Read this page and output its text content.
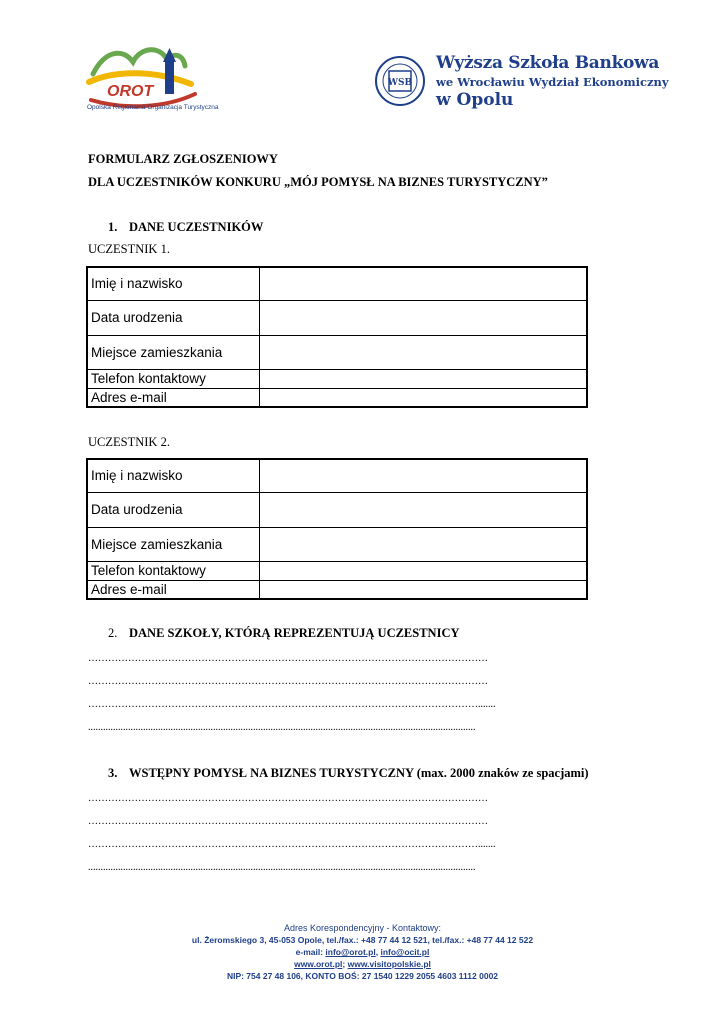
OROT
Opolska Regionalna Organizacja Turystyczna
WSB
Wyższa Szkoła Bankowa
we Wrocławiu Wydział Ekonomiczny
w Opolu
FORMULARZ ZGŁOSZENIOWY
DLA UCZESTNIKÓW KONKURU „MÓJ POMYSŁ NA BIZNES TURYSTYCZNY”
1. DANE UCZESTNIKÓW
UCZESTNIK 1.
Imię i nazwisko	
Data urodzenia	
Miejsce zamieszkania	
Telefon kontaktowy	
Adres e-mail	
UCZESTNIK 2.
Imię i nazwisko	
Data urodzenia	
Miejsce zamieszkania	
Telefon kontaktowy	
Adres e-mail	
2. DANE SZKOŁY, KTÓRĄ REPREZENTUJĄ UCZESTNICY
…………………………………………………………………………………………………………
…………………………………………………………………………………………………………
……………………………………………………………………………………………………….......
...........................................................................................................................................................
3. WSTĘPNY POMYSŁ NA BIZNES TURYSTYCZNY (max. 2000 znaków ze spacjami)
…………………………………………………………………………………………………………
…………………………………………………………………………………………………………
……………………………………………………………………………………………………….......
...........................................................................................................................................................
Adres Korespondencyjny - Kontaktowy:
ul. Żeromskiego 3, 45-053 Opole, tel./fax.: +48 77 44 12 521, tel./fax.: +48 77 44 12 522
e-mail: info@orot.pl, info@ocit.pl
www.orot.pl; www.visitopolskie.pl
NIP: 754 27 48 106, KONTO BOŚ: 27 1540 1229 2055 4603 1112 0002
